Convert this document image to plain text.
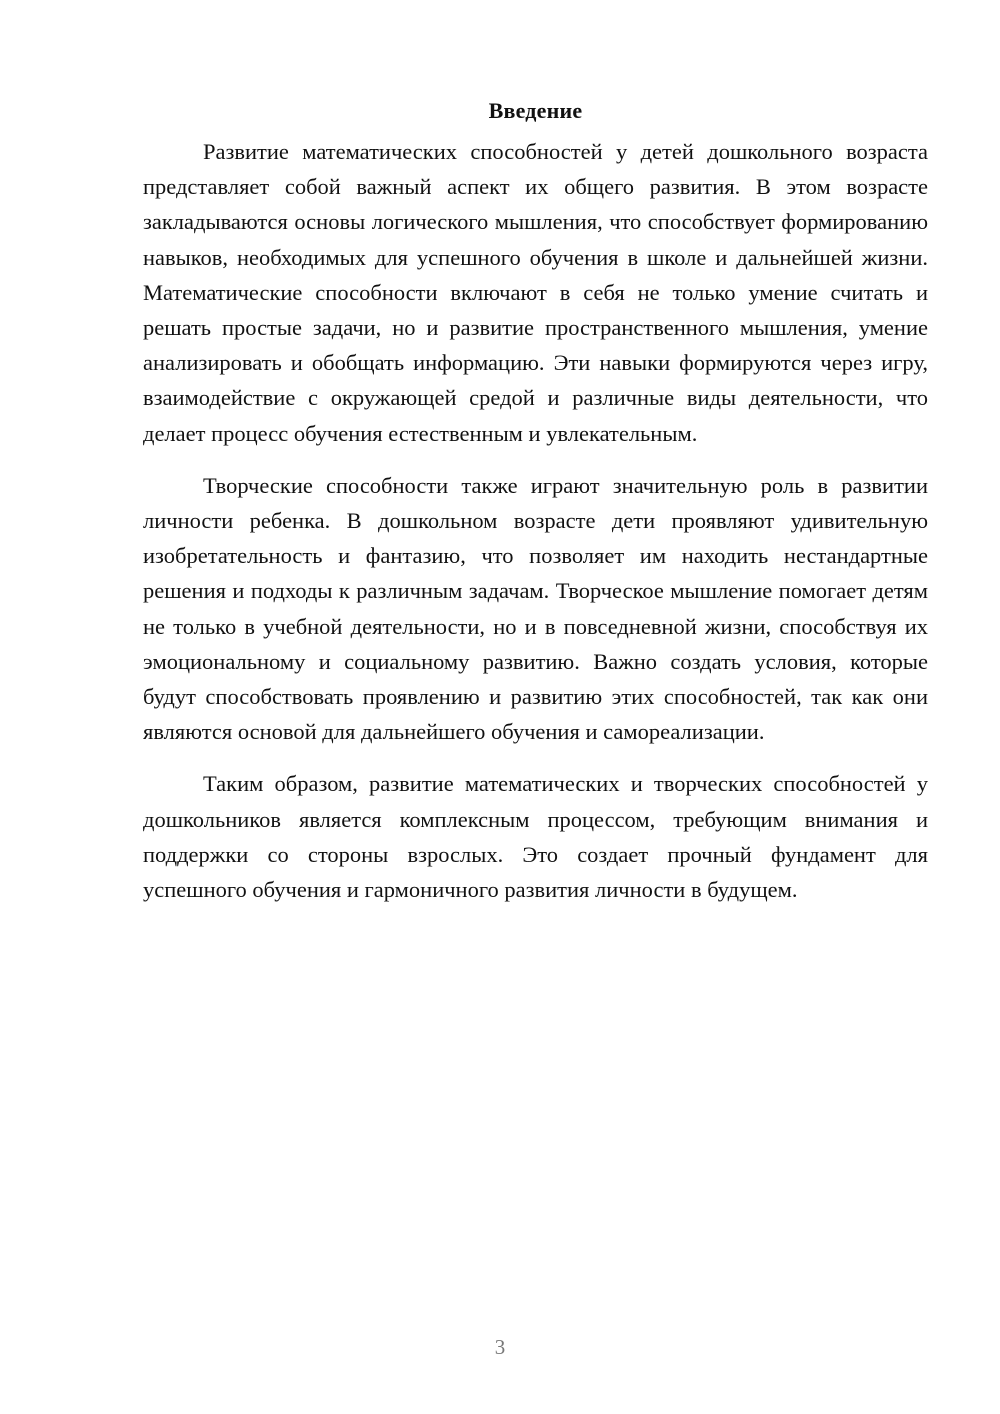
Введение

Развитие математических способностей у детей дошкольного возраста представляет собой важный аспект их общего развития. В этом возрасте закладываются основы логического мышления, что способствует формированию навыков, необходимых для успешного обучения в школе и дальнейшей жизни. Математические способности включают в себя не только умение считать и решать простые задачи, но и развитие пространственного мышления, умение анализировать и обобщать информацию. Эти навыки формируются через игру, взаимодействие с окружающей средой и различные виды деятельности, что делает процесс обучения естественным и увлекательным.

Творческие способности также играют значительную роль в развитии личности ребенка. В дошкольном возрасте дети проявляют удивительную изобретательность и фантазию, что позволяет им находить нестандартные решения и подходы к различным задачам. Творческое мышление помогает детям не только в учебной деятельности, но и в повседневной жизни, способствуя их эмоциональному и социальному развитию. Важно создать условия, которые будут способствовать проявлению и развитию этих способностей, так как они являются основой для дальнейшего обучения и самореализации.

Таким образом, развитие математических и творческих способностей у дошкольников является комплексным процессом, требующим внимания и поддержки со стороны взрослых. Это создает прочный фундамент для успешного обучения и гармоничного развития личности в будущем.

3
